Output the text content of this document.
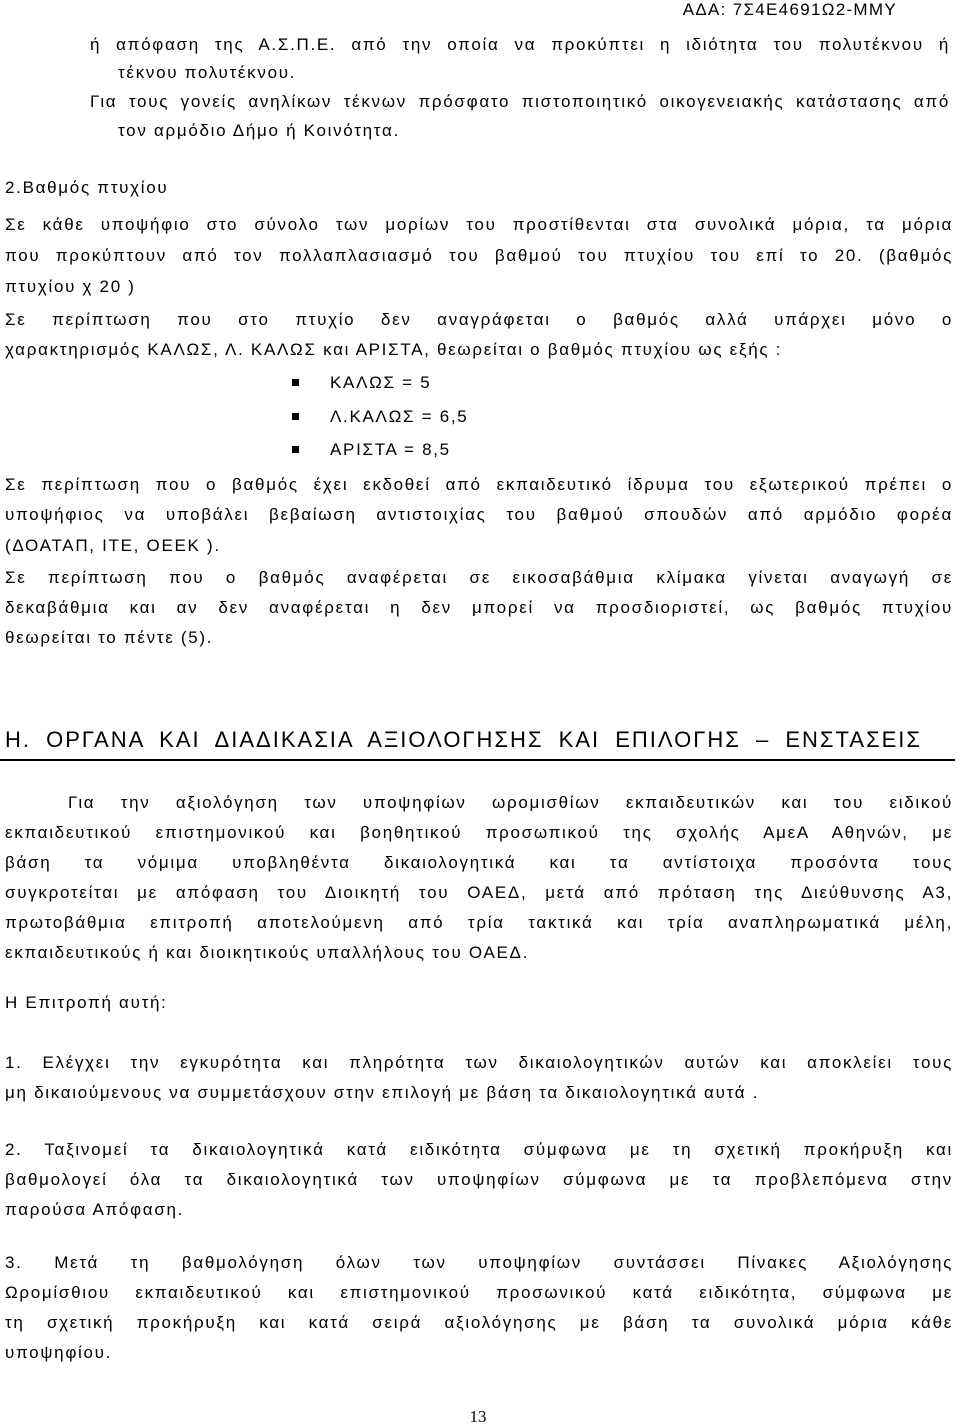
ΑΔΑ: 7Σ4Ε4691Ω2-ΜΜΥ
ή απόφαση της Α.Σ.Π.Ε. από την οποία να προκύπτει η ιδιότητα του πολυτέκνου ή
τέκνου πολυτέκνου.
Για τους γονείς ανηλίκων τέκνων πρόσφατο πιστοποιητικό οικογενειακής κατάστασης από
τον αρμόδιο Δήμο ή Κοινότητα.
2.Βαθμός πτυχίου
Σε κάθε υποψήφιο στο σύνολο των μορίων του προστίθενται στα συνολικά μόρια, τα μόρια
που προκύπτουν από τον πολλαπλασιασμό του βαθμού του πτυχίου του επί το 20. (βαθμός
πτυχίου χ 20 )
Σε περίπτωση που στο πτυχίο δεν αναγράφεται ο βαθμός αλλά υπάρχει μόνο ο
χαρακτηρισμός ΚΑΛΩΣ, Λ. ΚΑΛΩΣ και ΑΡΙΣΤΑ, θεωρείται ο βαθμός πτυχίου ως εξής :
ΚΑΛΩΣ = 5
Λ.ΚΑΛΩΣ = 6,5
ΑΡΙΣΤΑ = 8,5
Σε περίπτωση που ο βαθμός έχει εκδοθεί από εκπαιδευτικό ίδρυμα του εξωτερικού πρέπει ο
υποψήφιος να υποβάλει βεβαίωση αντιστοιχίας του βαθμού σπουδών από αρμόδιο φορέα
(ΔΟΑΤΑΠ, ΙΤΕ, ΟΕΕΚ ).
Σε περίπτωση που ο βαθμός αναφέρεται σε εικοσαβάθμια κλίμακα γίνεται αναγωγή σε
δεκαβάθμια και αν δεν αναφέρεται η δεν μπορεί να προσδιοριστεί, ως βαθμός πτυχίου
θεωρείται το πέντε (5).
Η. ΟΡΓΑΝΑ ΚΑΙ ΔΙΑΔΙΚΑΣΙΑ ΑΞΙΟΛΟΓΗΣΗΣ ΚΑΙ ΕΠΙΛΟΓΗΣ – ΕΝΣΤΑΣΕΙΣ
Για την αξιολόγηση των υποψηφίων ωρομισθίων εκπαιδευτικών και του ειδικού
εκπαιδευτικού επιστημονικού και βοηθητικού προσωπικού της σχολής ΑμεΑ Αθηνών, με
βάση τα νόμιμα υποβληθέντα δικαιολογητικά και τα αντίστοιχα προσόντα τους
συγκροτείται με απόφαση του Διοικητή του ΟΑΕΔ, μετά από πρόταση της Διεύθυνσης Α3,
πρωτοβάθμια επιτροπή αποτελούμενη από τρία τακτικά και τρία αναπληρωματικά μέλη,
εκπαιδευτικούς ή και διοικητικούς υπαλλήλους του ΟΑΕΔ.
Η Επιτροπή αυτή:
1. Ελέγχει την εγκυρότητα και πληρότητα των δικαιολογητικών αυτών και αποκλείει τους
μη δικαιούμενους να συμμετάσχουν στην επιλογή με βάση τα δικαιολογητικά αυτά .
2. Ταξινομεί τα δικαιολογητικά κατά ειδικότητα σύμφωνα με τη σχετική προκήρυξη και
βαθμολογεί όλα τα δικαιολογητικά των υποψηφίων σύμφωνα με τα προβλεπόμενα στην
παρούσα Απόφαση.
3. Μετά τη βαθμολόγηση όλων των υποψηφίων συντάσσει Πίνακες Αξιολόγησης
Ωρομίσθιου εκπαιδευτικού και επιστημονικού προσωνικού κατά ειδικότητα, σύμφωνα με
τη σχετική προκήρυξη και κατά σειρά αξιολόγησης με βάση τα συνολικά μόρια κάθε
υποψηφίου.
13
